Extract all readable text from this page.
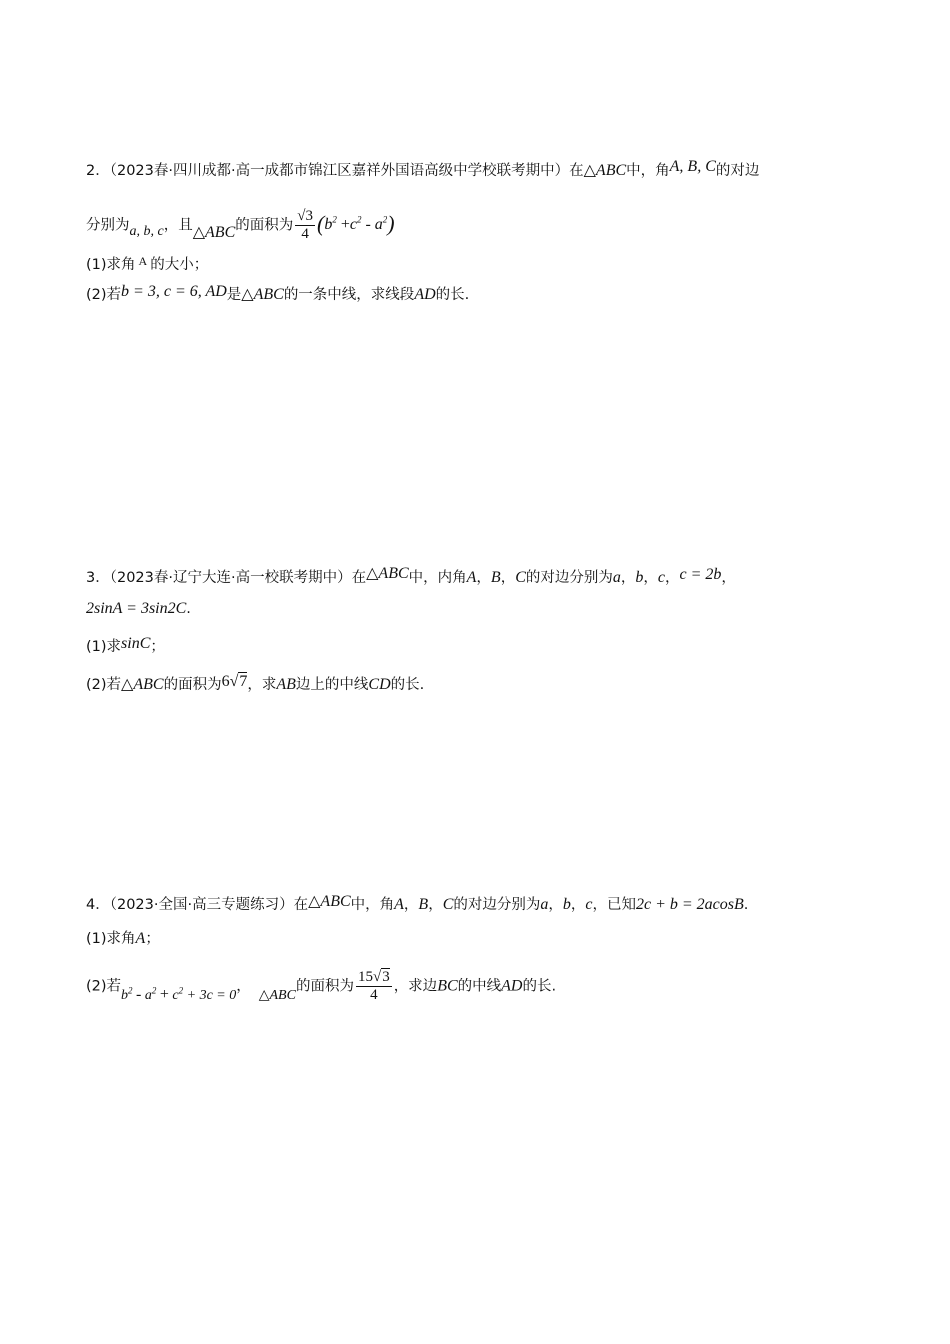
2．（2023春·四川成都·高一成都市锦江区嘉祥外国语高级中学校联考期中）在△ABC中，角A, B, C的对边
分别为a, b, c，且△ABC的面积为 $\frac{√3}{4} (b^2 +c^2 - a^2)$
(1)求角 $^A$ 的大小；
(2)若b = 3, c = 6, AD是△ABC的一条中线，求线段AD的长.
3．（2023春·辽宁大连·高一校联考期中）在△ABC中，内角A，B，C的对边分别为a，b，c，c = 2b，
2sinA = 3sin2C.
(1)求sinC；
(2)若△ABC的面积为6√7，求AB边上的中线CD的长.
4．（2023·全国·高三专题练习）在△ABC中，角A，B，C的对边分别为a，b，c，已知2c + b = 2acosB.
(1)求角A；
(2)若$b^2 - a^2 + c^2 + 3c = 0$，△ABC的面积为 $\frac{15√3}{4}$ ，求边BC的中线AD的长.
